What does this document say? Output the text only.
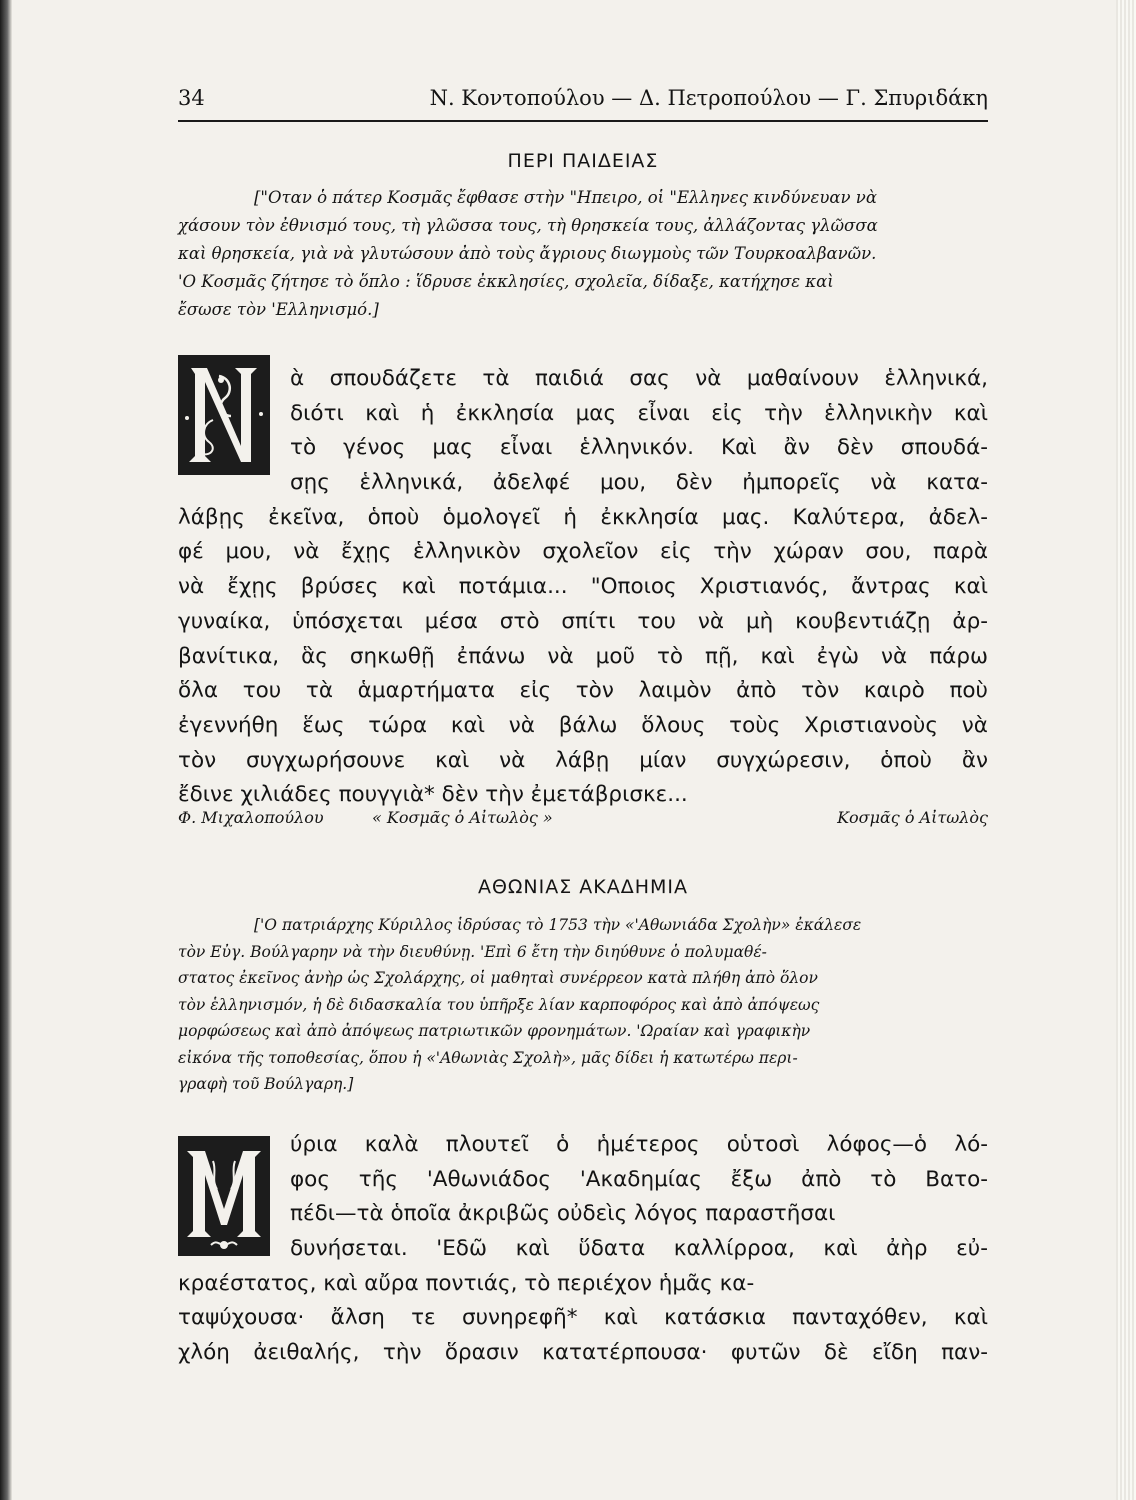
34	Ν. Κοντοπούλου — Δ. Πετροπούλου — Γ. Σπυριδάκη
ΠΕΡΙ ΠΑΙΔΕΙΑΣ
["Οταν ὁ πάτερ Κοσμᾶς ἔφθασε στὴν "Ηπειρο, οἱ "Ελληνες κινδύνευαν νὰ
χάσουν τὸν ἐθνισμό τους, τὴ γλῶσσα τους, τὴ θρησκεία τους, ἀλλάζοντας γλῶσσα
καὶ θρησκεία, γιὰ νὰ γλυτώσουν ἀπὸ τοὺς ἄγριους διωγμοὺς τῶν Τουρκοαλβανῶν.
'Ο Κοσμᾶς ζήτησε τὸ ὅπλο : ἵδρυσε ἐκκλησίες, σχολεῖα, δίδαξε, κατήχησε καὶ
ἔσωσε τὸν 'Ελληνισμό.]
ὰ σπουδάζετε τὰ παιδιά σας νὰ μαθαίνουν ἑλληνικά,
διότι καὶ ἡ ἐκκλησία μας εἶναι εἰς τὴν ἑλληνικὴν καὶ
τὸ γένος μας εἶναι ἑλληνικόν. Καὶ ἂν δὲν σπουδά-
σῃς ἑλληνικά, ἀδελφέ μου, δὲν ἠμπορεῖς νὰ κατα-
λάβῃς ἐκεῖνα, ὁποὺ ὁμολογεῖ ἡ ἐκκλησία μας. Καλύτερα, ἀδελ-
φέ μου, νὰ ἔχῃς ἑλληνικὸν σχολεῖον εἰς τὴν χώραν σου, παρὰ
νὰ ἔχῃς βρύσες καὶ ποτάμια... "Οποιος Χριστιανός, ἄντρας καὶ
γυναίκα, ὑπόσχεται μέσα στὸ σπίτι του νὰ μὴ κουβεντιάζῃ ἀρ-
βανίτικα, ἃς σηκωθῇ ἐπάνω νὰ μοῦ τὸ πῇ, καὶ ἐγὼ νὰ πάρω
ὅλα του τὰ ἁμαρτήματα εἰς τὸν λαιμὸν ἀπὸ τὸν καιρὸ ποὺ
ἐγεννήθη ἕως τώρα καὶ νὰ βάλω ὅλους τοὺς Χριστιανοὺς νὰ
τὸν συγχωρήσουνε καὶ νὰ λάβῃ μίαν συγχώρεσιν, ὁποὺ ἂν
ἔδινε χιλιάδες πουγγιὰ* δὲν τὴν ἐμετάβρισκε...
Φ. Μιχαλοπούλου	« Κοσμᾶς ὁ Αἰτωλὸς »	Κοσμᾶς ὁ Αἰτωλὸς
ΑΘΩΝΙΑΣ ΑΚΑΔΗΜΙΑ
['Ο πατριάρχης Κύριλλος ἱδρύσας τὸ 1753 τὴν «'Αθωνιάδα Σχολὴν» ἐκάλεσε
τὸν Εὐγ. Βούλγαρην νὰ τὴν διευθύνῃ. 'Επὶ 6 ἔτη τὴν διηύθυνε ὁ πολυμαθέ-
στατος ἐκεῖνος ἀνὴρ ὡς Σχολάρχης, οἱ μαθηταὶ συνέρρεον κατὰ πλήθη ἀπὸ ὅλον
τὸν ἑλληνισμόν, ἡ δὲ διδασκαλία του ὑπῆρξε λίαν καρποφόρος καὶ ἀπὸ ἀπόψεως
μορφώσεως καὶ ἀπὸ ἀπόψεως πατριωτικῶν φρονημάτων. 'Ωραίαν καὶ γραφικὴν
εἰκόνα τῆς τοποθεσίας, ὅπου ἡ «'Αθωνιὰς Σχολὴ», μᾶς δίδει ἡ κατωτέρω περι-
γραφὴ τοῦ Βούλγαρη.]
ύρια καλὰ πλουτεῖ ὁ ἡμέτερος οὑτοσὶ λόφος—ὁ λό-
φος τῆς 'Αθωνιάδος 'Ακαδημίας ἔξω ἀπὸ τὸ Βατο-
πέδι—τὰ ὁποῖα ἀκριβῶς οὐδεὶς λόγος παραστῆσαι
δυνήσεται. 'Εδῶ καὶ ὕδατα καλλίρροα, καὶ ἀὴρ εὐ-
κραέστατος, καὶ αὔρα ποντιάς, τὸ περιέχον ἡμᾶς κα-
ταψύχουσα· ἄλση τε συνηρεφῆ* καὶ κατάσκια πανταχόθεν, καὶ
χλόη ἀειθαλής, τὴν ὅρασιν κατατέρπουσα· φυτῶν δὲ εἴδη παν-
